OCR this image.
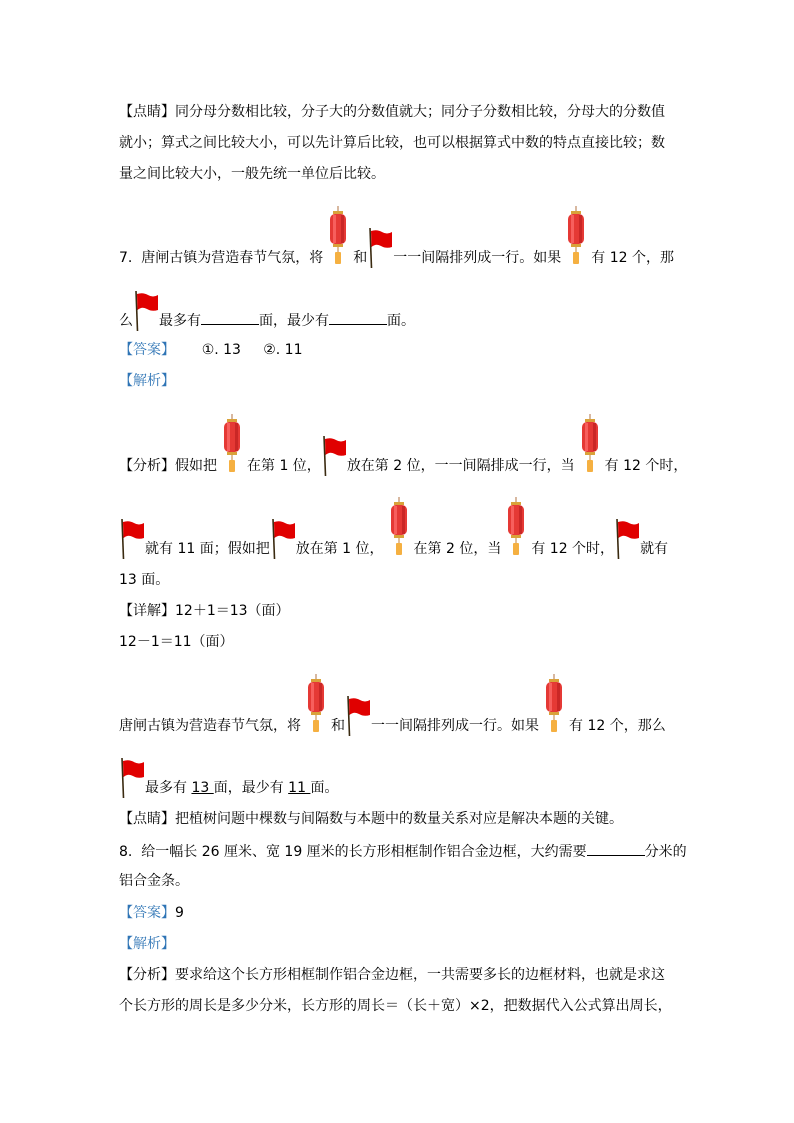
【点睛】同分母分数相比较，分子大的分数值就大；同分子分数相比较，分母大的分数值
就小；算式之间比较大小，可以先计算后比较，也可以根据算式中数的特点直接比较；数
量之间比较大小，一般先统一单位后比较。
7.  唐闸古镇为营造春节气氛，将 和 一一间隔排列成一行。如果 有 12 个，那
么 最多有	面，最少有	面。
【答案】      ①. 13     ②. 11
【解析】
【分析】假如把 在第 1 位， 放在第 2 位，一一间隔排成一行，当 有 12 个时，
就有 11 面；假如把 放在第 1 位， 在第 2 位，当 有 12 个时， 就有
13 面。
【详解】12＋1＝13（面）
12－1＝11（面）
唐闸古镇为营造春节气氛，将 和 一一间隔排列成一行。如果 有 12 个，那么
最多有 13 面，最少有 11 面。
【点睛】把植树问题中棵数与间隔数与本题中的数量关系对应是解决本题的关键。
8.  给一幅长 26 厘米、宽 19 厘米的长方形相框制作铝合金边框，大约需要	分米的
铝合金条。
【答案】9
【解析】
【分析】要求给这个长方形相框制作铝合金边框，一共需要多长的边框材料，也就是求这
个长方形的周长是多少分米，长方形的周长＝（长＋宽）×2，把数据代入公式算出周长，
